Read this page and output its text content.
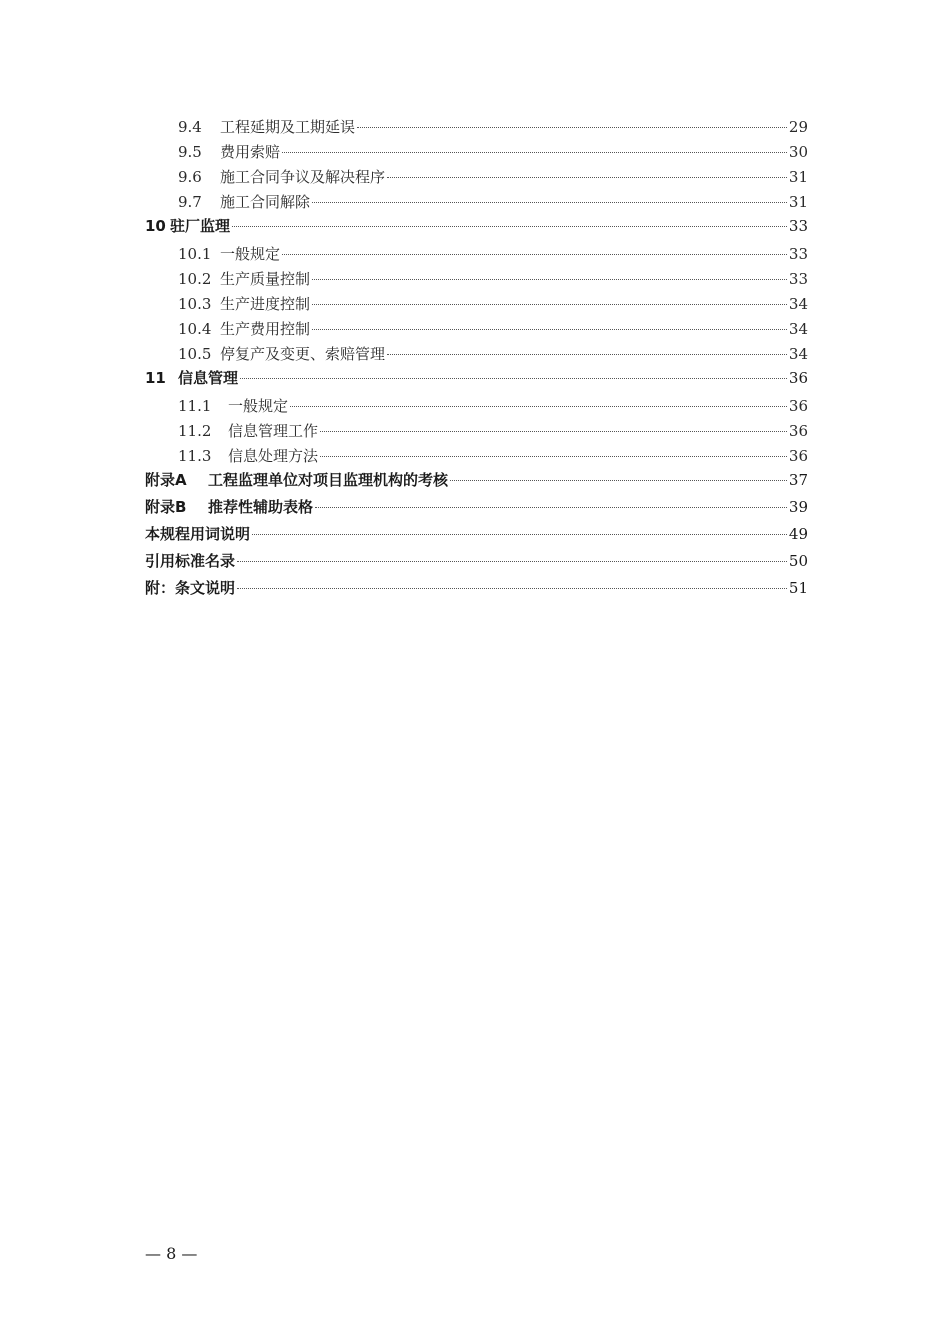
9.4	工程延期及工期延误	29
9.5	费用索赔	30
9.6	施工合同争议及解决程序	31
9.7	施工合同解除	31
10 驻厂监理	33
10.1 一般规定	33
10.2 生产质量控制	33
10.3 生产进度控制	34
10.4 生产费用控制	34
10.5 停复产及变更、索赔管理	34
11 信息管理	36
11.1	一般规定	36
11.2	信息管理工作	36
11.3	信息处理方法	36
附录A	工程监理单位对项目监理机构的考核	37
附录B	推荐性辅助表格	39
本规程用词说明	49
引用标准名录	50
附：条文说明	51
— 8 —
